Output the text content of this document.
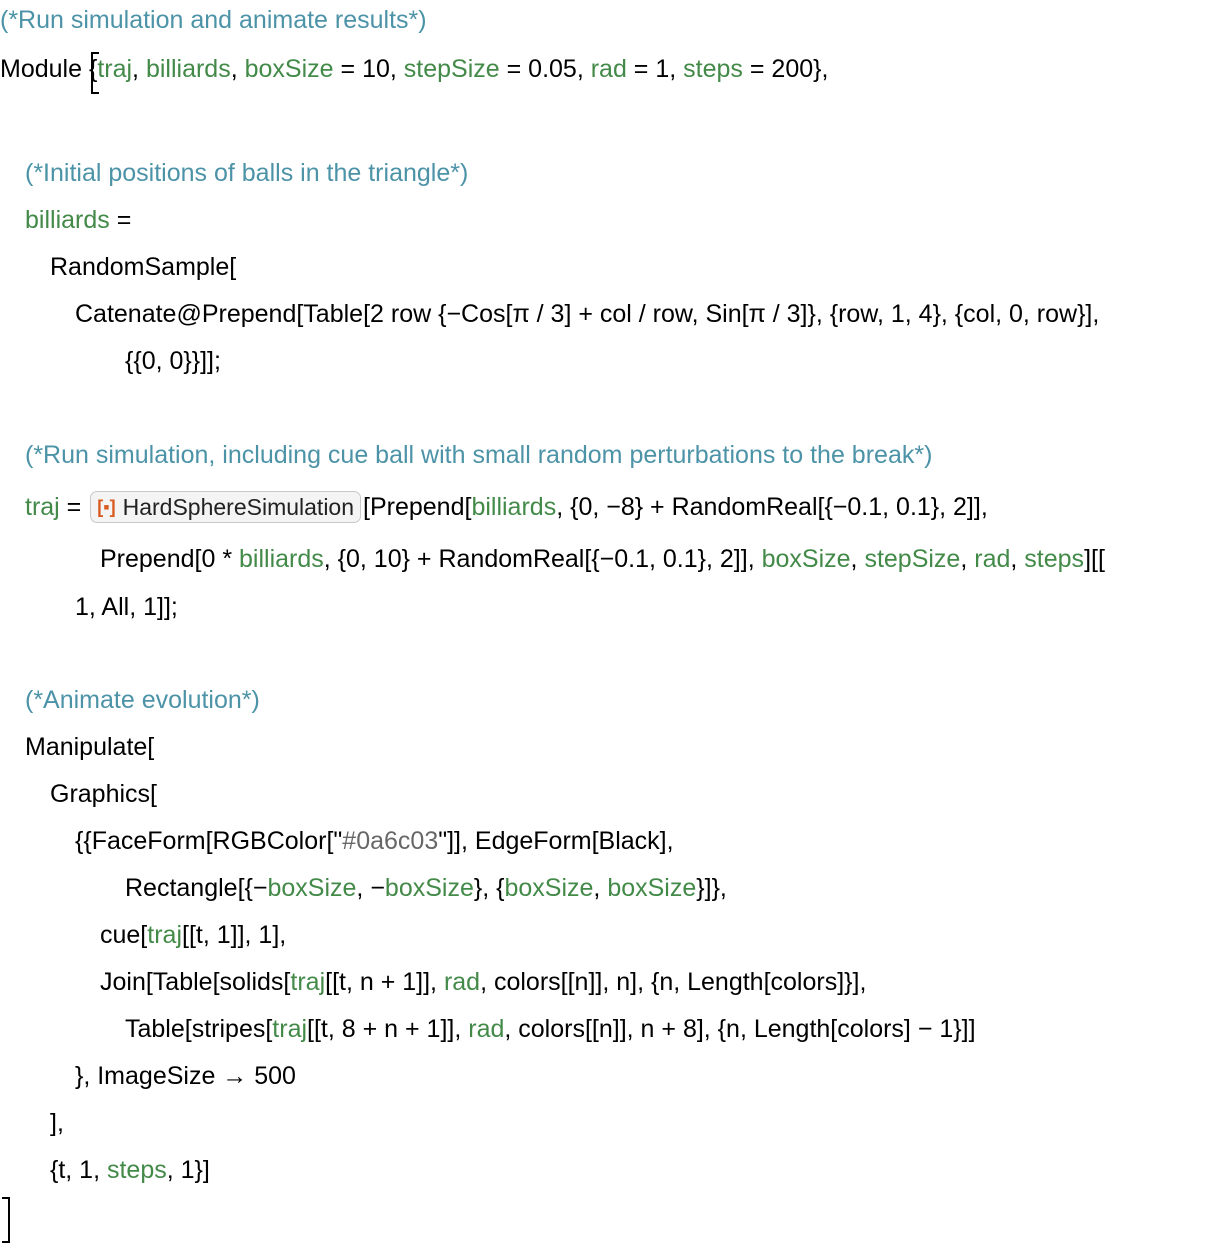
(*Run simulation and animate results*)
Module {traj, billiards, boxSize = 10, stepSize = 0.05, rad = 1, steps = 200},
(*Initial positions of balls in the triangle*)
billiards =
RandomSample[
Catenate@Prepend[Table[2 row {−Cos[π / 3] + col / row, Sin[π / 3]}, {row, 1, 4}, {col, 0, row}],
{{0, 0}}]];
(*Run simulation, including cue ball with small random perturbations to the break*)
traj = [▪] HardSphereSimulation [Prepend[billiards, {0, −8} + RandomReal[{−0.1, 0.1}, 2]],
Prepend[0 * billiards, {0, 10} + RandomReal[{−0.1, 0.1}, 2]], boxSize, stepSize, rad, steps][[
1, All, 1]];
(*Animate evolution*)
Manipulate[
Graphics[
{{FaceForm[RGBColor["#0a6c03"]], EdgeForm[Black],
Rectangle[{−boxSize, −boxSize}, {boxSize, boxSize}]},
cue[traj[[t, 1]], 1],
Join[Table[solids[traj[[t, n + 1]], rad, colors[[n]], n], {n, Length[colors]}],
Table[stripes[traj[[t, 8 + n + 1]], rad, colors[[n]], n + 8], {n, Length[colors] − 1}]]
}, ImageSize → 500
],
{t, 1, steps, 1}]
